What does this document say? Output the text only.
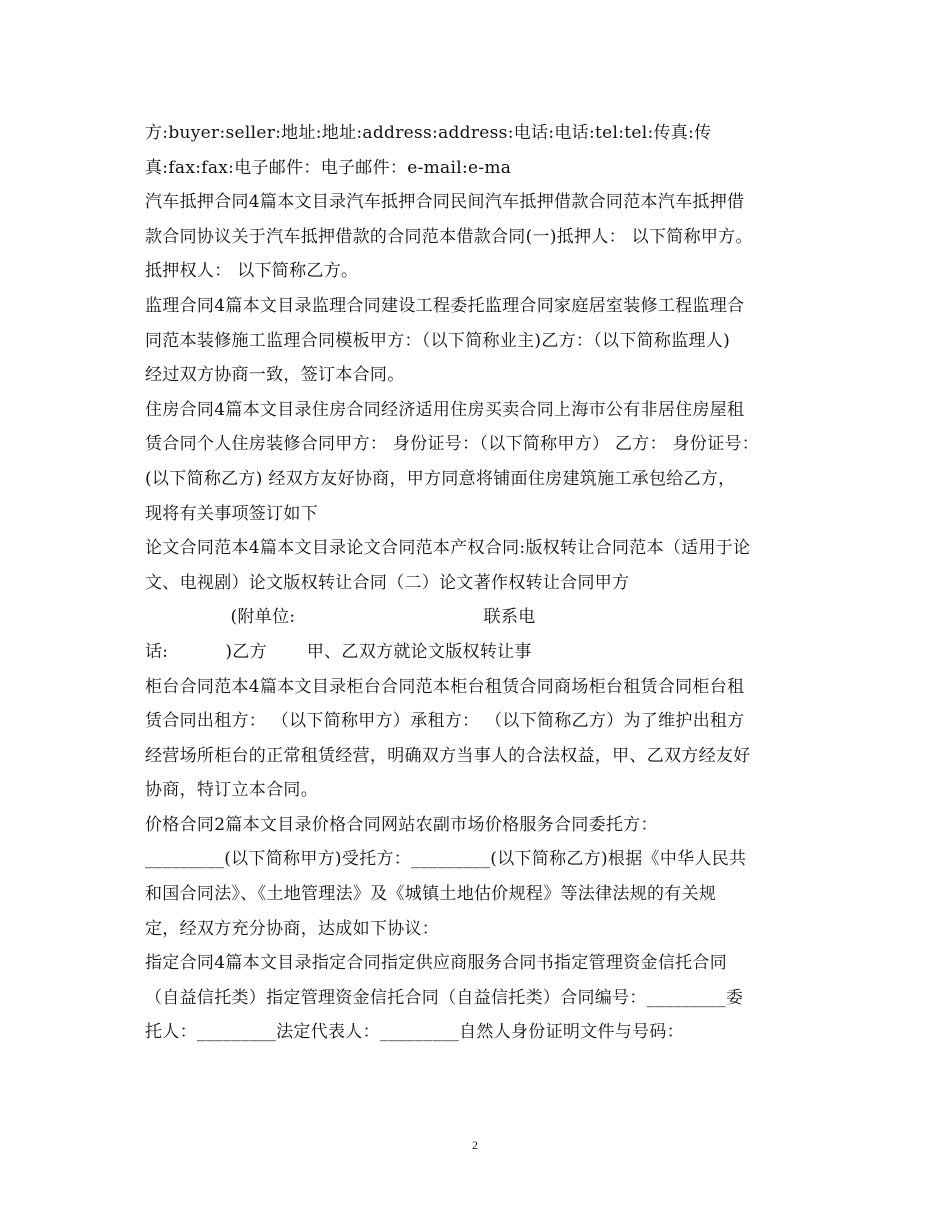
方:buyer:seller:地址:地址:address:address:电话:电话:tel:tel:传真:传
真:fax:fax:电子邮件：电子邮件：e-mail:e-ma
汽车抵押合同4篇本文目录汽车抵押合同民间汽车抵押借款合同范本汽车抵押借
款合同协议关于汽车抵押借款的合同范本借款合同(一)抵押人： 以下简称甲方。
抵押权人： 以下简称乙方。
监理合同4篇本文目录监理合同建设工程委托监理合同家庭居室装修工程监理合
同范本装修施工监理合同模板甲方：（以下简称业主)乙方：（以下简称监理人)
经过双方协商一致，签订本合同。
住房合同4篇本文目录住房合同经济适用住房买卖合同上海市公有非居住房屋租
赁合同个人住房装修合同甲方： 身份证号：（以下简称甲方） 乙方： 身份证号：
(以下简称乙方) 经双方友好协商，甲方同意将铺面住房建筑施工承包给乙方，
现将有关事项签订如下
论文合同范本4篇本文目录论文合同范本产权合同:版权转让合同范本（适用于论
文、电视剧）论文版权转让合同（二）论文著作权转让合同甲方
(附单位:                                 联系电
话:          )乙方       甲、乙双方就论文版权转让事
柜台合同范本4篇本文目录柜台合同范本柜台租赁合同商场柜台租赁合同柜台租
赁合同出租方： （以下简称甲方）承租方： （以下简称乙方）为了维护出租方
经营场所柜台的正常租赁经营，明确双方当事人的合法权益，甲、乙双方经友好
协商，特订立本合同。
价格合同2篇本文目录价格合同网站农副市场价格服务合同委托方：
_________(以下简称甲方)受托方：_________(以下简称乙方)根据《中华人民共
和国合同法》、《土地管理法》及《城镇土地估价规程》等法律法规的有关规
定，经双方充分协商，达成如下协议：
指定合同4篇本文目录指定合同指定供应商服务合同书指定管理资金信托合同
（自益信托类）指定管理资金信托合同（自益信托类）合同编号：_________委
托人：_________法定代表人：_________自然人身份证明文件与号码：
2
